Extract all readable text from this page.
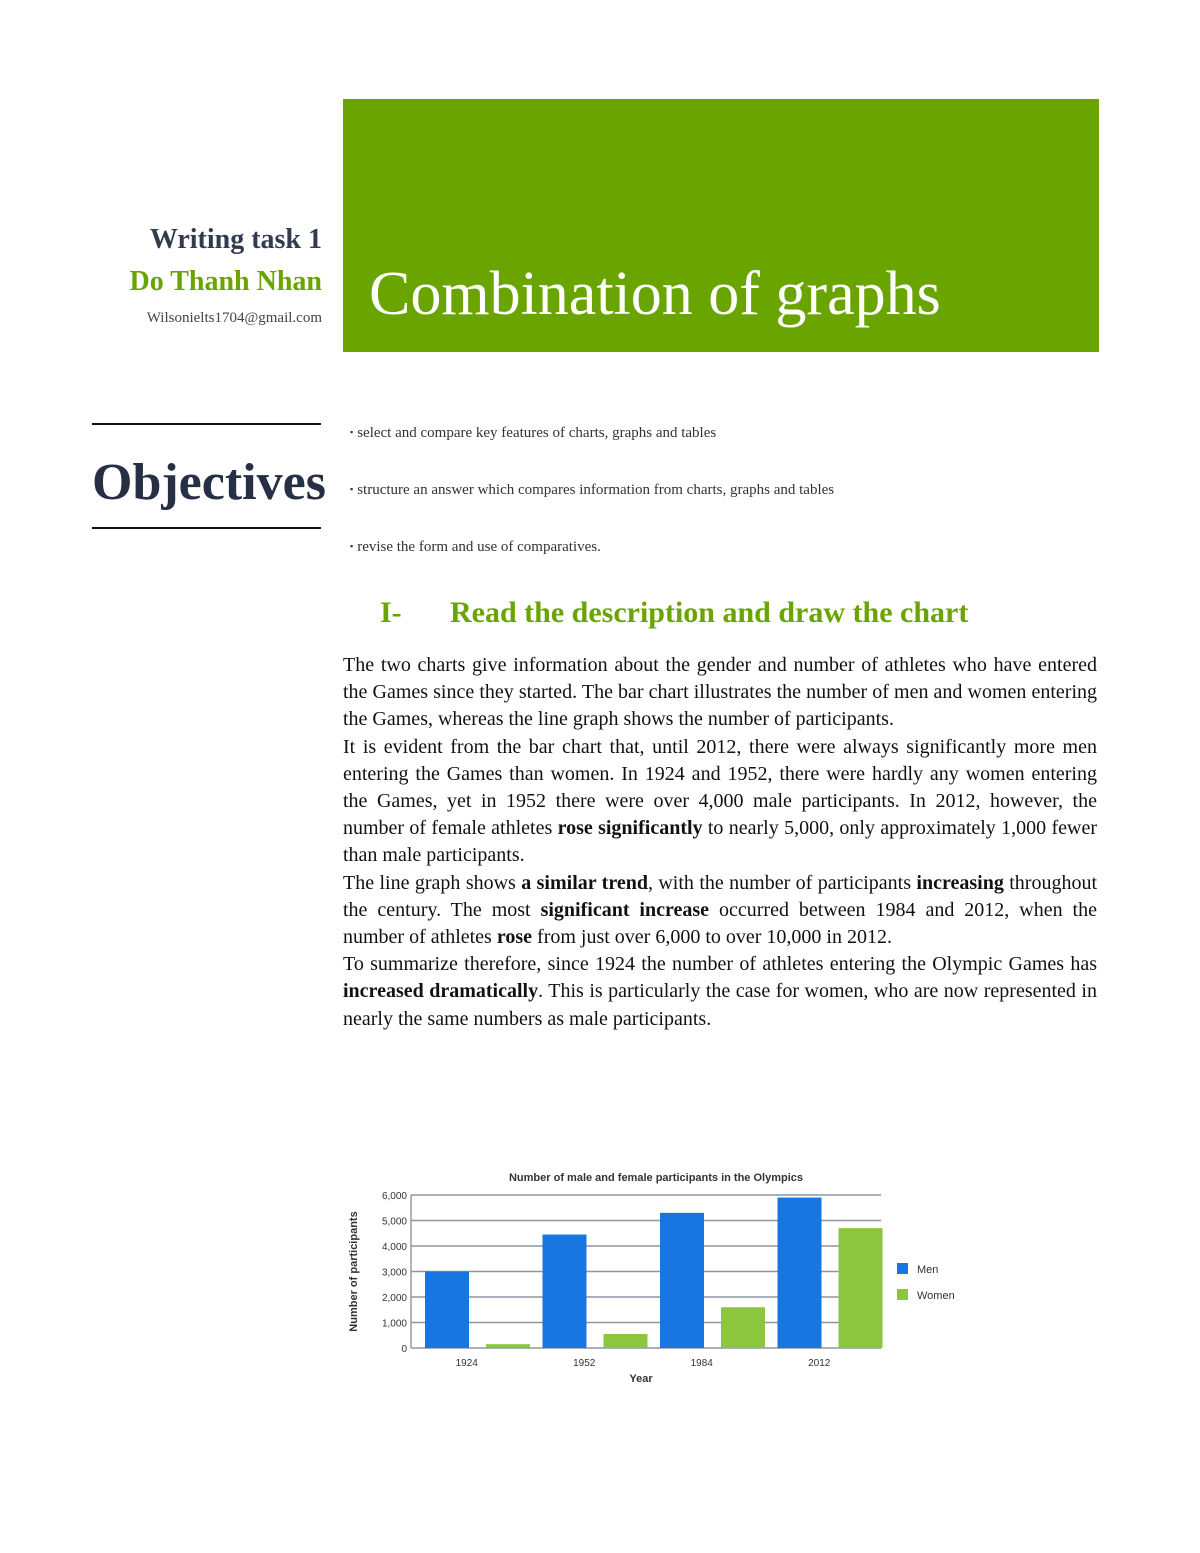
Writing task 1
Do Thanh Nhan
Wilsonielts1704@gmail.com Combination of graphs
Objectives
▪ select and compare key features of charts, graphs and tables
▪ structure an answer which compares information from charts, graphs and tables
▪ revise the form and use of comparatives.
I- Read the description and draw the chart

The two charts give information about the gender and number of athletes who have entered the Games since they started. The bar chart illustrates the number of men and women entering the Games, whereas the line graph shows the number of participants.

It is evident from the bar chart that, until 2012, there were always significantly more men entering the Games than women. In 1924 and 1952, there were hardly any women entering the Games, yet in 1952 there were over 4,000 male participants. In 2012, however, the number of female athletes rose significantly to nearly 5,000, only approximately 1,000 fewer than male participants.

The line graph shows a similar trend, with the number of participants increasing throughout the century. The most significant increase occurred between 1984 and 2012, when the number of athletes rose from just over 6,000 to over 10,000 in 2012.

To summarize therefore, since 1924 the number of athletes entering the Olympic Games has increased dramatically. This is particularly the case for women, who are now represented in nearly the same numbers as male participants.

Number of male and female participants in the Olympics
0
1,000
2,000
3,000
4,000
5,000
6,000
Number of participants
1924	1952	1984	2012
Year
Men
Women
